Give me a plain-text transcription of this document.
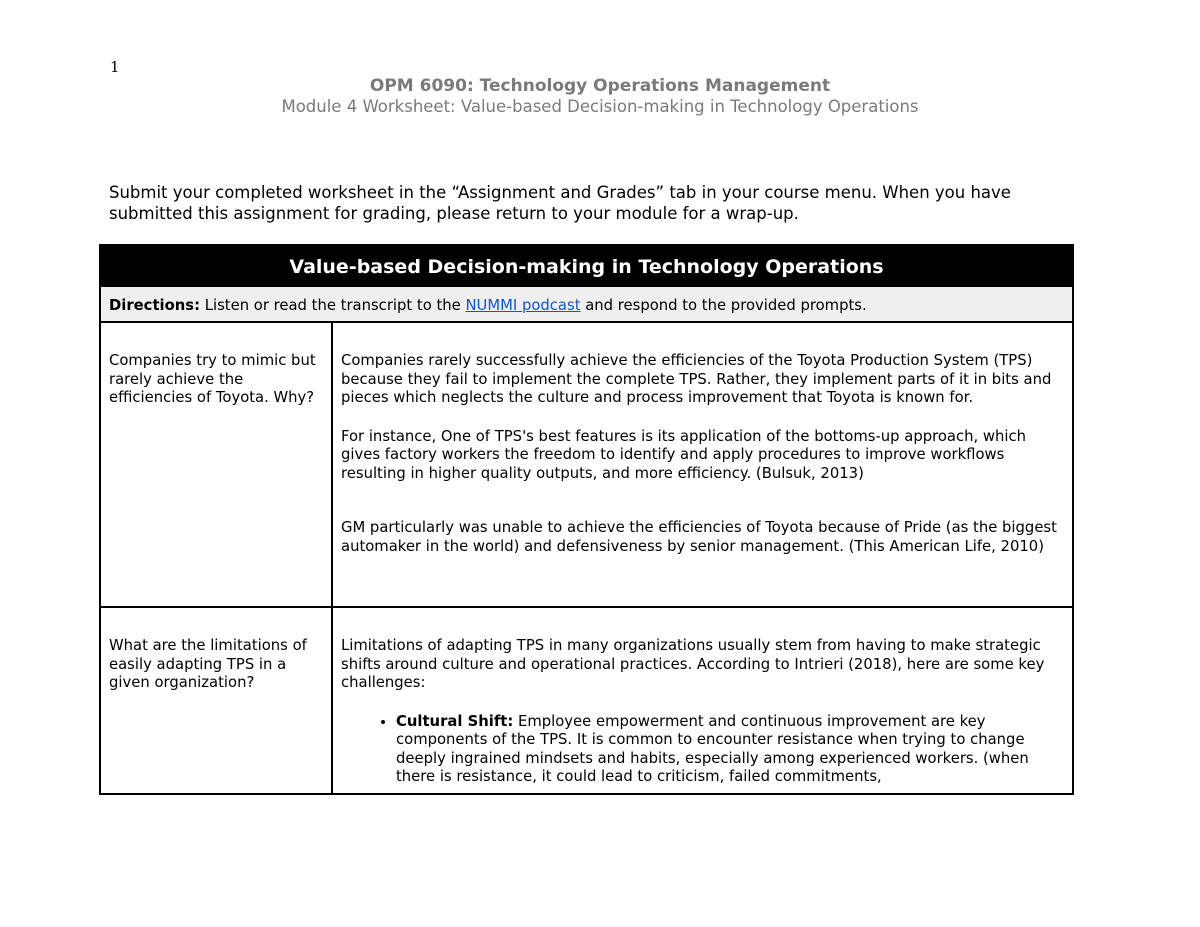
1
OPM 6090: Technology Operations Management
Module 4 Worksheet: Value-based Decision-making in Technology Operations
Submit your completed worksheet in the “Assignment and Grades” tab in your course menu. When you have submitted this assignment for grading, please return to your module for a wrap-up.
Value-based Decision-making in Technology Operations
Directions: Listen or read the transcript to the NUMMI podcast and respond to the provided prompts.
Companies try to mimic but rarely achieve the efficiencies of Toyota. Why?

Companies rarely successfully achieve the efficiencies of the Toyota Production System (TPS) because they fail to implement the complete TPS. Rather, they implement parts of it in bits and pieces which neglects the culture and process improvement that Toyota is known for.

For instance, One of TPS's best features is its application of the bottoms-up approach, which gives factory workers the freedom to identify and apply procedures to improve workflows resulting in higher quality outputs, and more efficiency. (Bulsuk, 2013)

GM particularly was unable to achieve the efficiencies of Toyota because of Pride (as the biggest automaker in the world) and defensiveness by senior management. (This American Life, 2010)

What are the limitations of easily adapting TPS in a given organization?

Limitations of adapting TPS in many organizations usually stem from having to make strategic shifts around culture and operational practices. According to Intrieri (2018), here are some key challenges:

• Cultural Shift: Employee empowerment and continuous improvement are key components of the TPS. It is common to encounter resistance when trying to change deeply ingrained mindsets and habits, especially among experienced workers. (when there is resistance, it could lead to criticism, failed commitments,
